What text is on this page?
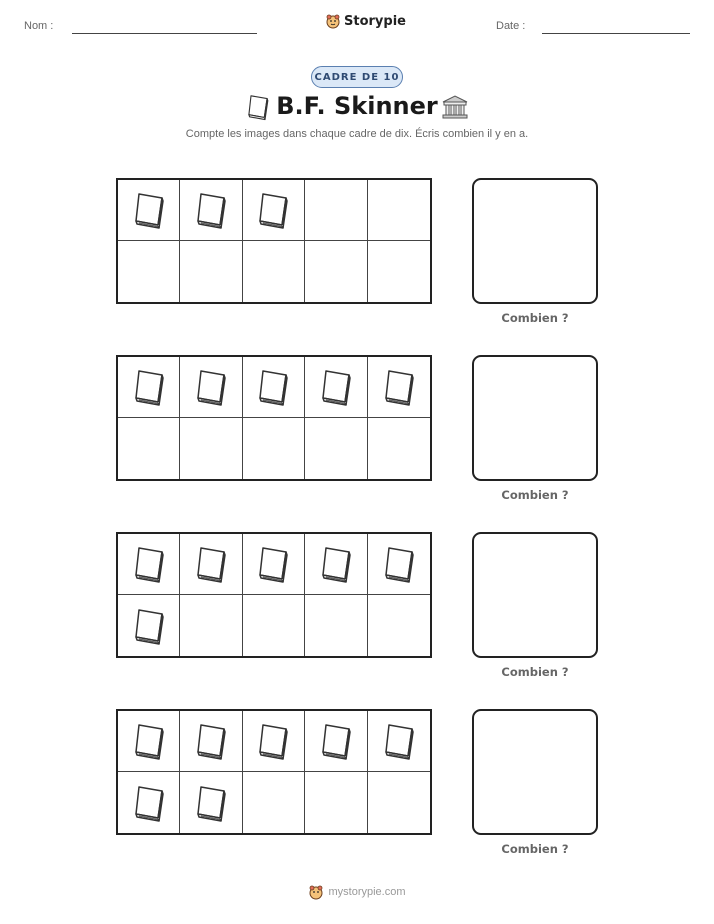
Nom :	Storypie	Date :
CADRE DE 10
B.F. Skinner
Compte les images dans chaque cadre de dix. Écris combien il y en a.
Combien ?
Combien ?
Combien ?
Combien ?
mystorypie.com
